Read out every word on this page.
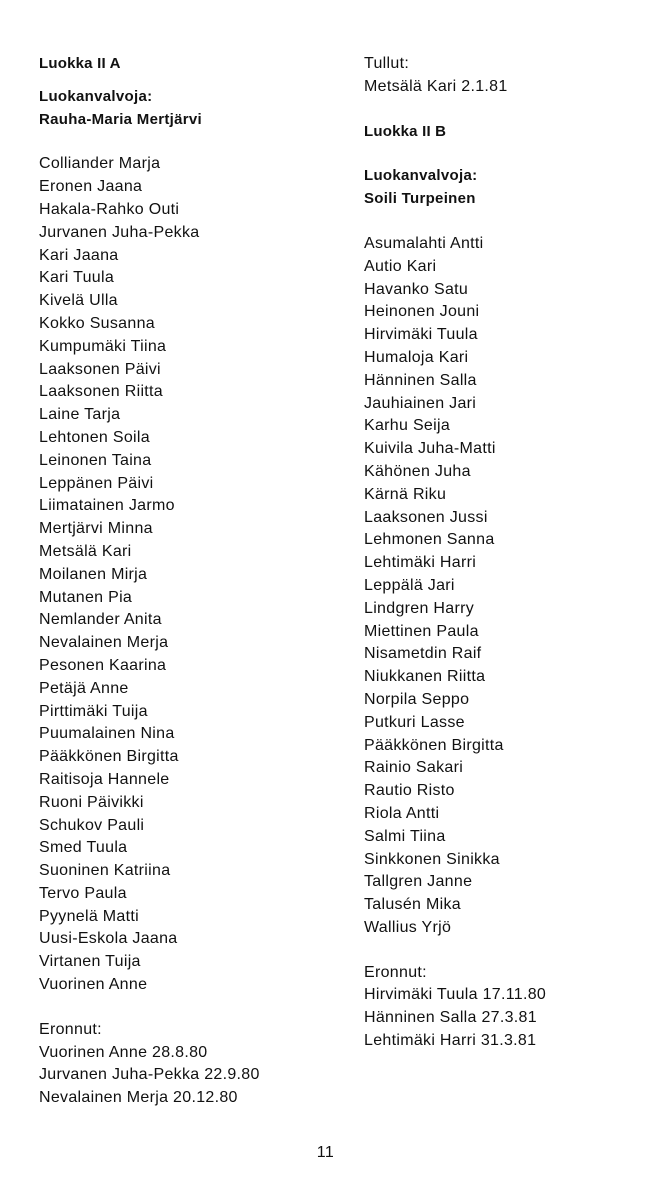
Luokka II A

Luokanvalvoja:

Rauha-Maria Mertjärvi

Colliander Marja
Eronen Jaana
Hakala-Rahko Outi
Jurvanen Juha-Pekka
Kari Jaana
Kari Tuula
Kivelä Ulla
Kokko Susanna
Kumpumäki Tiina
Laaksonen Päivi
Laaksonen Riitta
Laine Tarja
Lehtonen Soila
Leinonen Taina
Leppänen Päivi
Liimatainen Jarmo
Mertjärvi Minna
Metsälä Kari
Moilanen Mirja
Mutanen Pia
Nemlander Anita
Nevalainen Merja
Pesonen Kaarina
Petäjä Anne
Pirttimäki Tuija
Puumalainen Nina
Pääkkönen Birgitta
Raitisoja Hannele
Ruoni Päivikki
Schukov Pauli
Smed Tuula
Suoninen Katriina
Tervo Paula
Pyynelä Matti
Uusi-Eskola Jaana
Virtanen Tuija
Vuorinen Anne

Eronnut:

Vuorinen Anne 28.8.80
Jurvanen Juha-Pekka 22.9.80
Nevalainen Merja 20.12.80

Tullut:

Metsälä Kari 2.1.81

Luokka II B

Luokanvalvoja:

Soili Turpeinen

Asumalahti Antti
Autio Kari
Havanko Satu
Heinonen Jouni
Hirvimäki Tuula
Humaloja Kari
Hänninen Salla
Jauhiainen Jari
Karhu Seija
Kuivila Juha-Matti
Kähönen Juha
Kärnä Riku
Laaksonen Jussi
Lehmonen Sanna
Lehtimäki Harri
Leppälä Jari
Lindgren Harry
Miettinen Paula
Nisametdin Raif
Niukkanen Riitta
Norpila Seppo
Putkuri Lasse
Pääkkönen Birgitta
Rainio Sakari
Rautio Risto
Riola Antti
Salmi Tiina
Sinkkonen Sinikka
Tallgren Janne
Talusén Mika
Wallius Yrjö

Eronnut:

Hirvimäki Tuula 17.11.80
Hänninen Salla 27.3.81
Lehtimäki Harri 31.3.81
11
